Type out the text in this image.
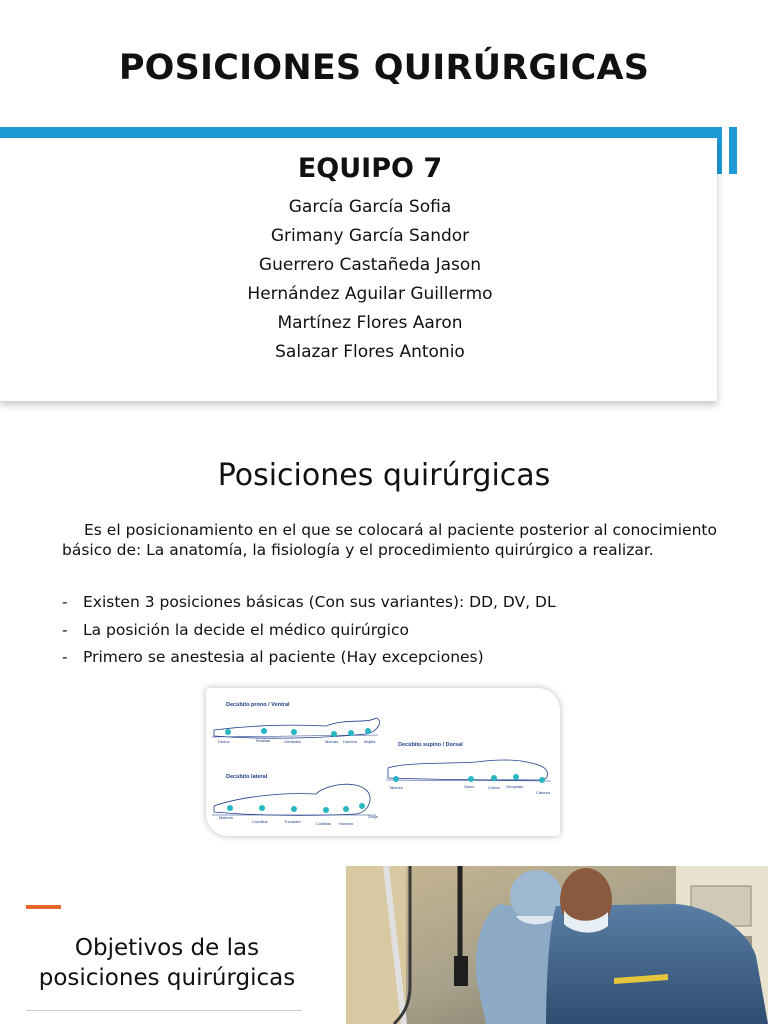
POSICIONES QUIRÚRGICAS
EQUIPO 7
García García Sofia
Grimany García Sandor
Guerrero Castañeda Jason
Hernández Aguilar Guillermo
Martínez Flores Aaron
Salazar Flores Antonio
Posiciones quirúrgicas

Es el posicionamiento en el que se colocará al paciente posterior al conocimiento básico de: La anatomía, la fisiología y el procedimiento quirúrgico a realizar.

- Existen 3 posiciones básicas (Con sus variantes): DD, DV, DL
- La posición la decide el médico quirúrgico
- Primero se anestesia al paciente (Hay excepciones)
Decúbito prono / Ventral
Dedos	Rodillas	Genitales	Mamas Hombro Mejilla
Decúbito supino / Dorsal
Talones	Sacro	Codos Omóplato
Cabeza
Decúbito lateral
Maleolo
Cóndilos	Trocánter	Costillas Hombro
Oreja
Objetivos de las
posiciones quirúrgicas
